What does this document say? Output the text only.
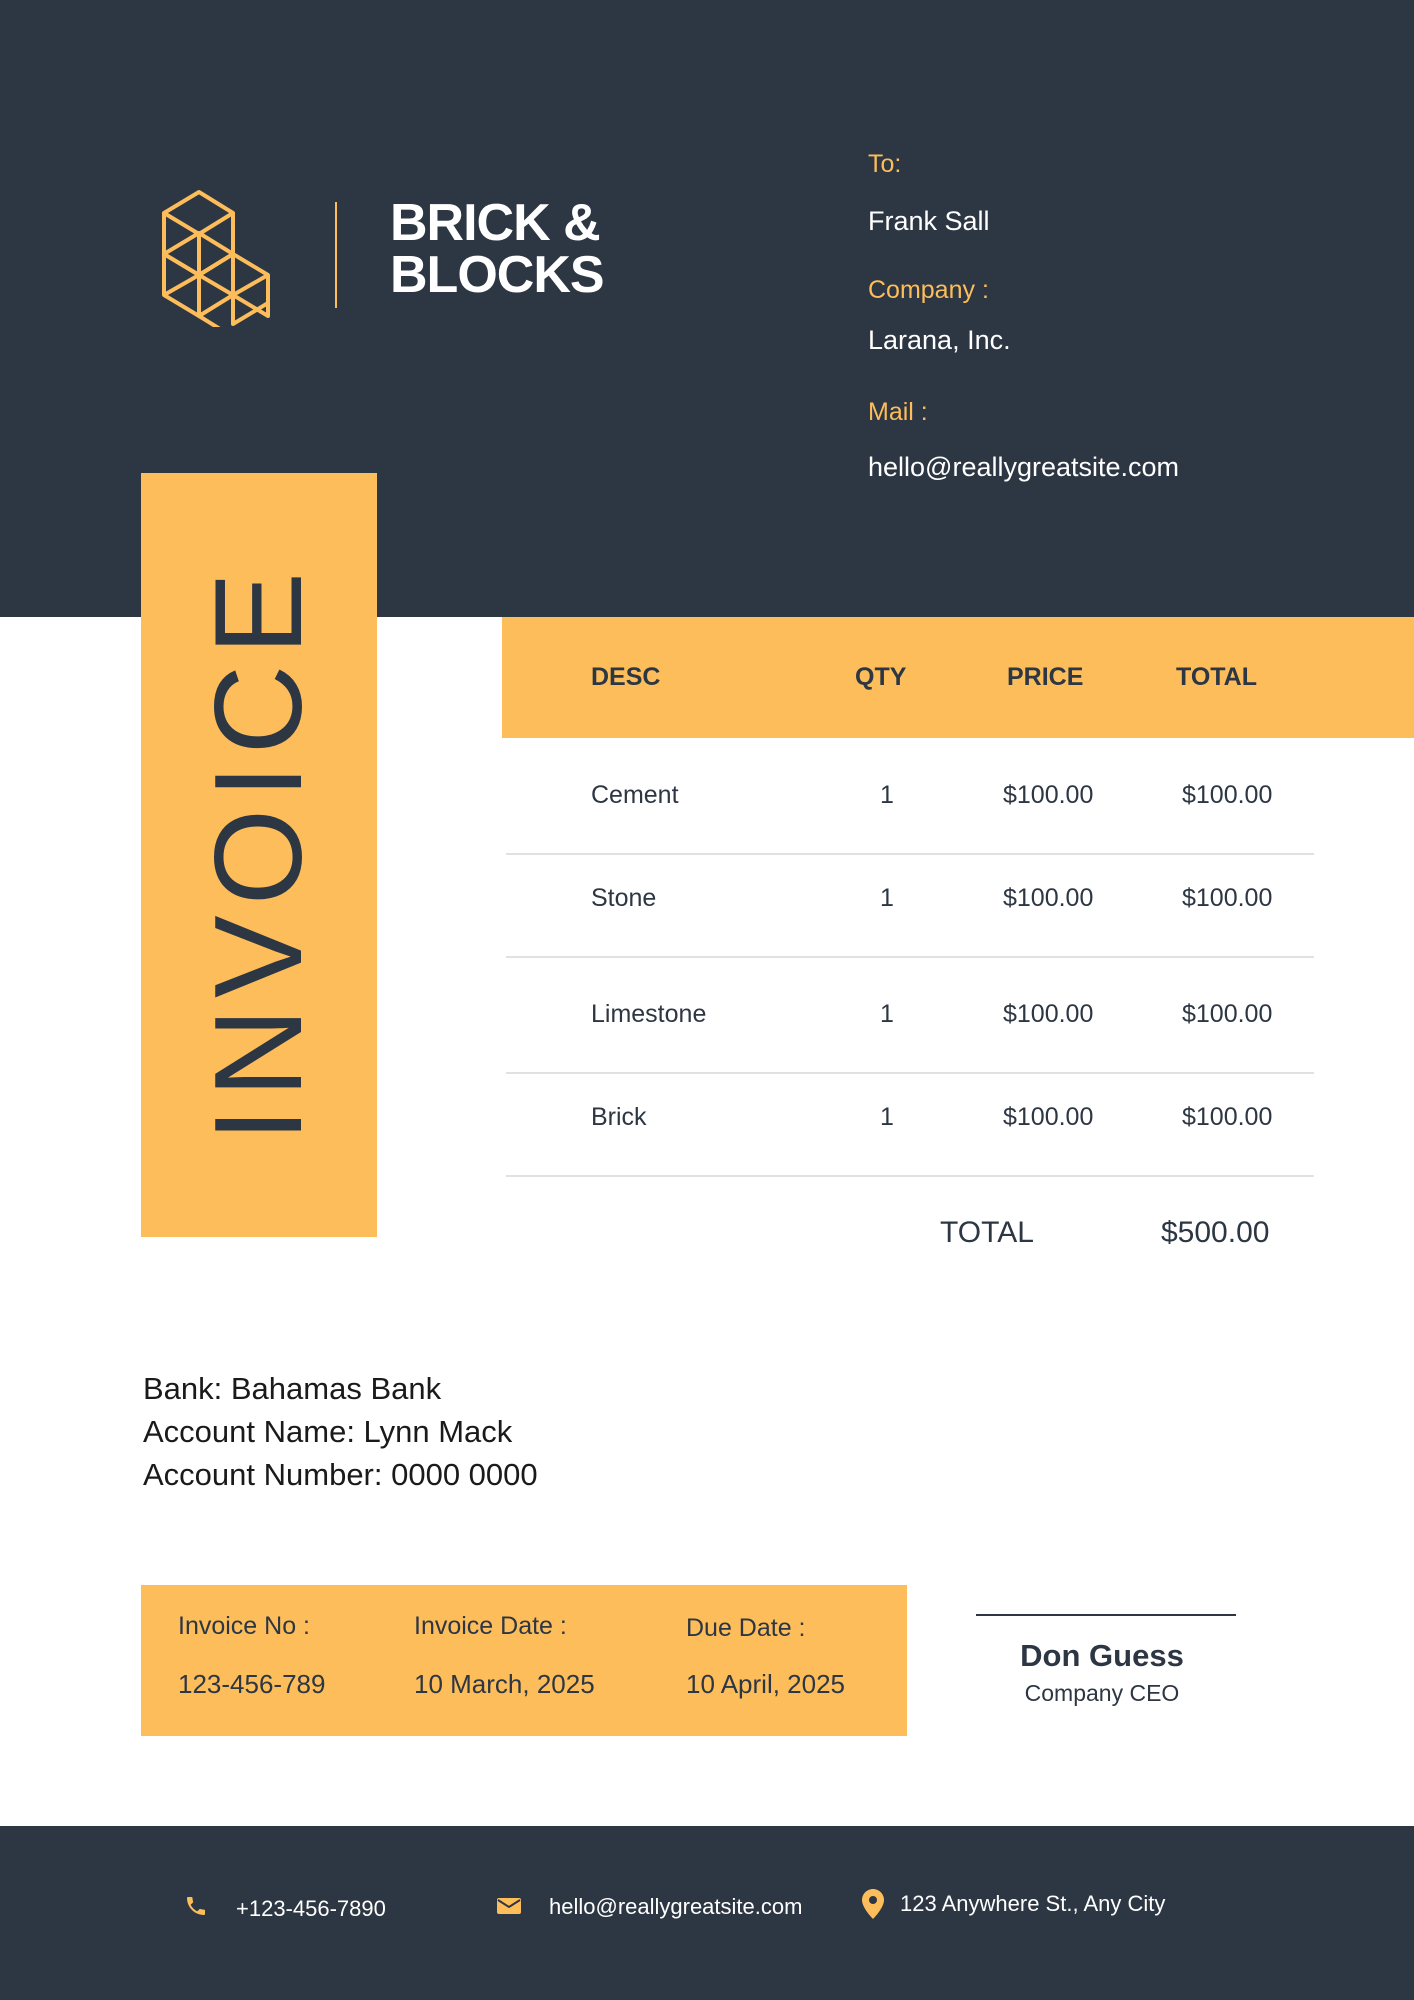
BRICK &
BLOCKS
To:
Frank Sall
Company :
Larana, Inc.
Mail :
hello@reallygreatsite.com
INVOICE	DESC	QTY	PRICE	TOTAL
Cement	1	$100.00	$100.00
Stone	1	$100.00	$100.00
Limestone	1	$100.00	$100.00
Brick	1	$100.00	$100.00
TOTAL	$500.00
Bank: Bahamas Bank
Account Name: Lynn Mack
Account Number: 0000 0000
Invoice No :
123-456-789
Invoice Date :
10 March, 2025
Due Date :
10 April, 2025
Don Guess
Company CEO
+123-456-7890	hello@reallygreatsite.com	123 Anywhere St., Any City
